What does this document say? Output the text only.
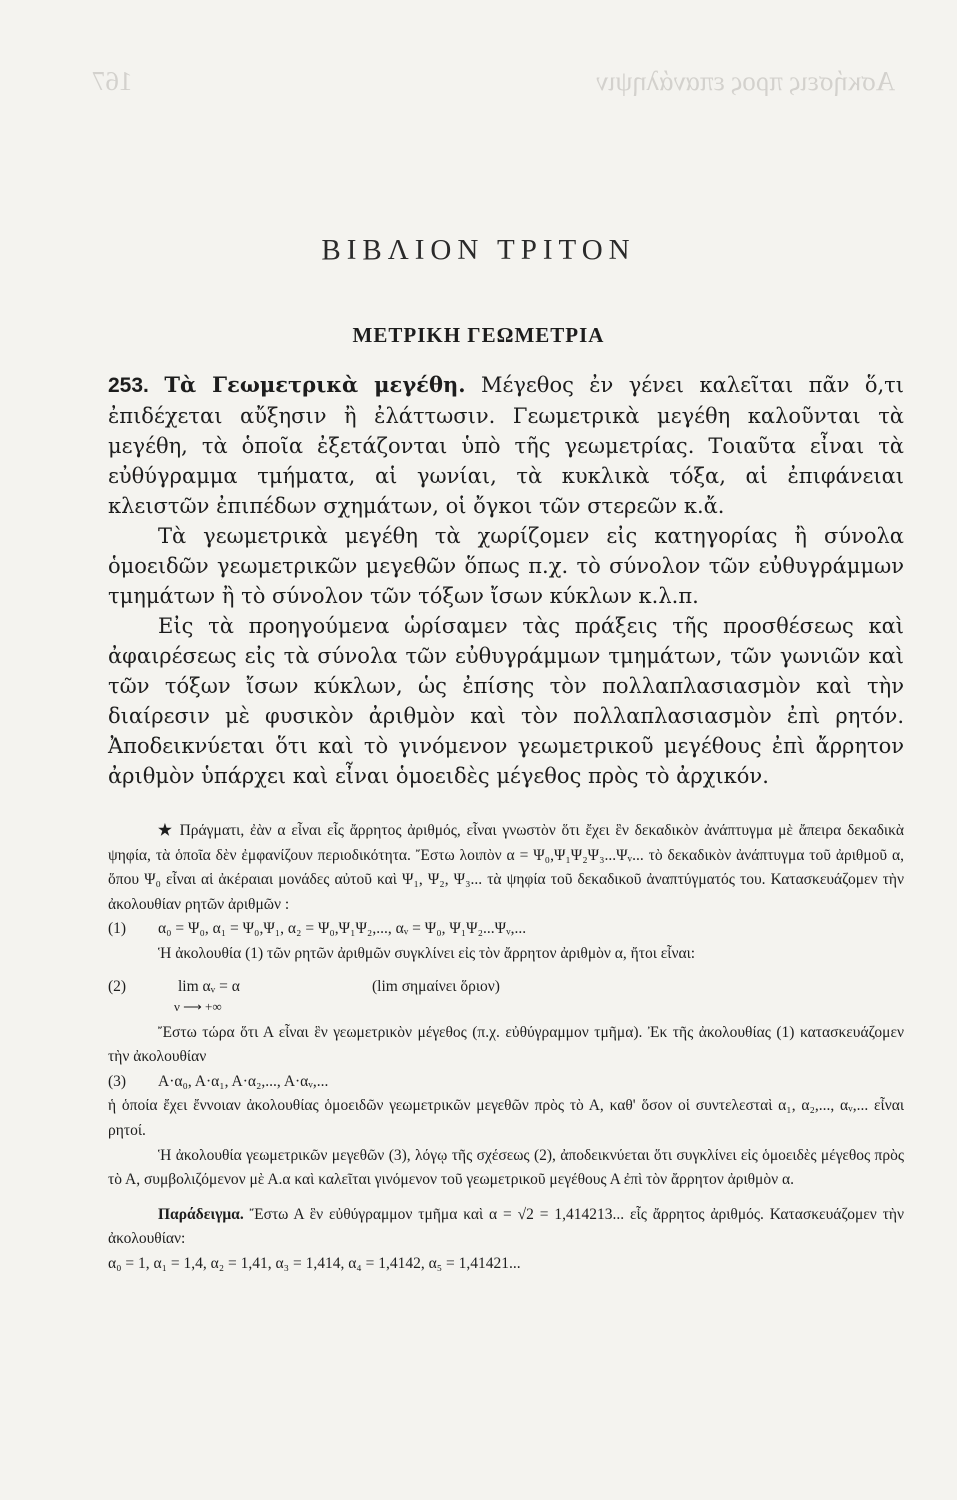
167	Ασκήσεις προς επανάληψιν
ΒΙΒΛΙΟΝ ΤΡΙΤΟΝ
ΜΕΤΡΙΚΗ ΓΕΩΜΕΤΡΙΑ

253. Τὰ Γεωμετρικὰ μεγέθη. Μέγεθος ἐν γένει καλεῖται πᾶν ὅ,τι ἐπιδέχεται αὔξησιν ἢ ἐλάττωσιν. Γεωμετρικὰ μεγέθη καλοῦνται τὰ μεγέθη, τὰ ὁποῖα ἐξετάζονται ὑπὸ τῆς γεωμετρίας. Τοιαῦτα εἶναι τὰ εὐθύγραμμα τμήματα, αἱ γωνίαι, τὰ κυκλικὰ τόξα, αἱ ἐπιφάνειαι κλειστῶν ἐπιπέδων σχημάτων, οἱ ὄγκοι τῶν στερεῶν κ.ἄ.

Τὰ γεωμετρικὰ μεγέθη τὰ χωρίζομεν εἰς κατηγορίας ἢ σύνολα ὁμοειδῶν γεωμετρικῶν μεγεθῶν ὅπως π.χ. τὸ σύνολον τῶν εὐθυγράμμων τμημάτων ἢ τὸ σύνολον τῶν τόξων ἴσων κύκλων κ.λ.π.

Εἰς τὰ προηγούμενα ὡρίσαμεν τὰς πράξεις τῆς προσθέσεως καὶ ἀφαιρέσεως εἰς τὰ σύνολα τῶν εὐθυγράμμων τμημάτων, τῶν γωνιῶν καὶ τῶν τόξων ἴσων κύκλων, ὡς ἐπίσης τὸν πολλαπλασιασμὸν καὶ τὴν διαίρεσιν μὲ φυσικὸν ἀριθμὸν καὶ τὸν πολλαπλασιασμὸν ἐπὶ ρητόν. Ἀποδεικνύεται ὅτι καὶ τὸ γινόμενον γεωμετρικοῦ μεγέθους ἐπὶ ἄρρητον ἀριθμὸν ὑπάρχει καὶ εἶναι ὁμοειδὲς μέγεθος πρὸς τὸ ἀρχικόν.

★ Πράγματι, ἐὰν α εἶναι εἷς ἄρρητος ἀριθμός, εἶναι γνωστὸν ὅτι ἔχει ἓν δεκαδικὸν ἀνάπτυγμα μὲ ἄπειρα δεκαδικὰ ψηφία, τὰ ὁποῖα δὲν ἐμφανίζουν περιοδικότητα. Ἔστω λοιπὸν α = Ψ₀,Ψ₁Ψ₂Ψ₃...Ψᵥ... τὸ δεκαδικὸν ἀνάπτυγμα τοῦ ἀριθμοῦ α, ὅπου Ψ₀ εἶναι αἱ ἀκέραιαι μονάδες αὐτοῦ καὶ Ψ₁, Ψ₂, Ψ₃... τὰ ψηφία τοῦ δεκαδικοῦ ἀναπτύγματός του. Κατασκευάζομεν τὴν ἀκολουθίαν ρητῶν ἀριθμῶν :

(1)	α₀ = Ψ₀, α₁ = Ψ₀,Ψ₁, α₂ = Ψ₀,Ψ₁Ψ₂,..., αᵥ = Ψ₀, Ψ₁Ψ₂...Ψᵥ,...

Ἡ ἀκολουθία (1) τῶν ρητῶν ἀριθμῶν συγκλίνει εἰς τὸν ἄρρητον ἀριθμὸν α, ἤτοι εἶναι:

(2)	lim αᵥ = α
ν ⟶ +∞
(lim σημαίνει ὅριον)

Ἔστω τώρα ὅτι Α εἶναι ἓν γεωμετρικὸν μέγεθος (π.χ. εὐθύγραμμον τμῆμα). Ἐκ τῆς ἀκολουθίας (1) κατασκευάζομεν τὴν ἀκολουθίαν

(3)	Α·α₀, Α·α₁, Α·α₂,..., Α·αᵥ,...

ἡ ὁποία ἔχει ἔννοιαν ἀκολουθίας ὁμοειδῶν γεωμετρικῶν μεγεθῶν πρὸς τὸ Α, καθ' ὅσον οἱ συντελεσταὶ α₁, α₂,..., αᵥ,... εἶναι ρητοί.

Ἡ ἀκολουθία γεωμετρικῶν μεγεθῶν (3), λόγῳ τῆς σχέσεως (2), ἀποδεικνύεται ὅτι συγκλίνει εἰς ὁμοειδὲς μέγεθος πρὸς τὸ Α, συμβολιζόμενον μὲ Α.α καὶ καλεῖται γινόμενον τοῦ γεωμετρικοῦ μεγέθους Α ἐπὶ τὸν ἄρρητον ἀριθμὸν α.

Παράδειγμα. Ἔστω Α ἓν εὐθύγραμμον τμῆμα καὶ α = √2 = 1,414213... εἷς ἄρρητος ἀριθμός. Κατασκευάζομεν τὴν ἀκολουθίαν:

α₀ = 1, α₁ = 1,4, α₂ = 1,41, α₃ = 1,414, α₄ = 1,4142, α₅ = 1,41421...
